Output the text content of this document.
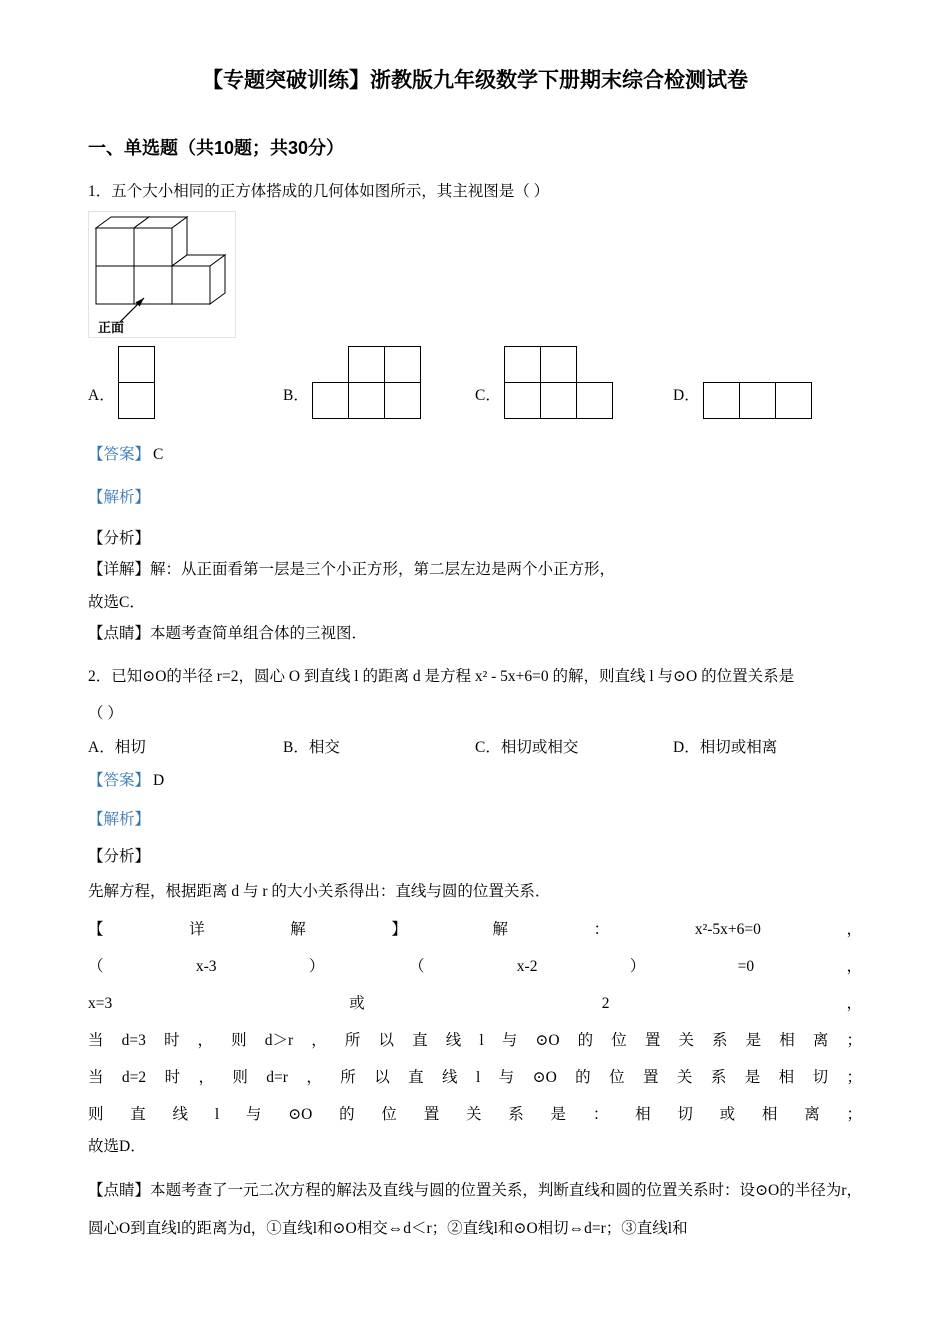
【专题突破训练】浙教版九年级数学下册期末综合检测试卷
一、单选题（共10题；共30分）

1．五个大小相同的正方体搭成的几何体如图所示，其主视图是（ ）

正面
A．	B．	C．	D．

【答案】 C

【解析】

【分析】

【详解】解：从正面看第一层是三个小正方形，第二层左边是两个小正方形，

故选C．

【点睛】本题考查简单组合体的三视图．

2．已知⊙O的半径 r=2，圆心 O 到直线 l 的距离 d 是方程 x² - 5x+6=0 的解，则直线 l 与⊙O 的位置关系是

（ ）

A． 相切	B． 相交	C． 相切或相交	D． 相切或相离

【答案】 D

【解析】

【分析】

先解方程，根据距离 d 与 r 的大小关系得出：直线与圆的位置关系．

【详解】解：x²-5x+6=0，

（x-3）（x-2）=0，

x=3或2，

当d=3时，则d＞r，所以直线l与⊙O的位置关系是相离；

当d=2时，则d=r，所以直线l与⊙O的位置关系是相切；

则直线l与⊙O的位置关系是：相切或相离；

故选D．

【点睛】本题考查了一元二次方程的解法及直线与圆的位置关系，判断直线和圆的位置关系时：设⊙O的半径为r，圆心O到直线l的距离为d，①直线l和⊙O相交⇔d＜r；②直线l和⊙O相切⇔d=r；③直线l和
